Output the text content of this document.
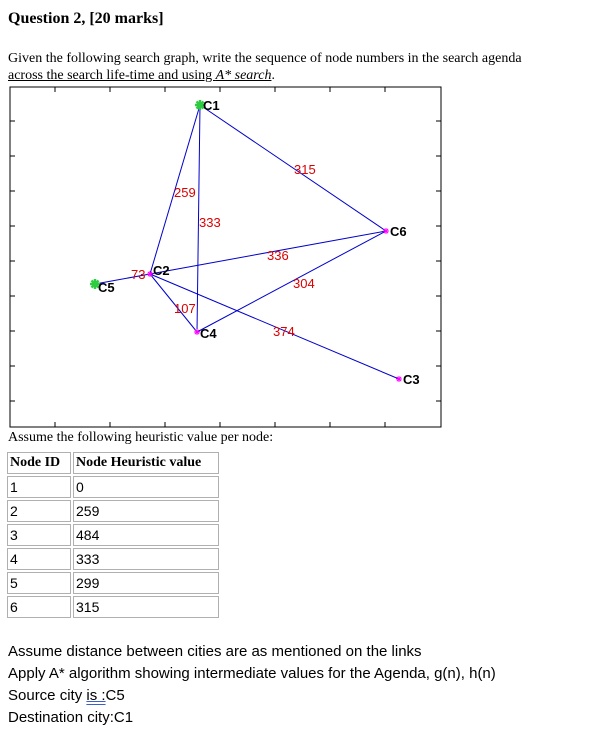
Question 2, [20 marks]
Given the following search graph, write the sequence of node numbers in the search agenda
across the search life-time and using A* search.
73
259
333
315
336
304
107
374
C1
C2
C3
C4
C5
C6
Assume the following heuristic value per node:
Node ID	Node Heuristic value
1	0
2	259
3	484
4	333
5	299
6	315
Assume distance between cities are as mentioned on the links
Apply A* algorithm showing intermediate values for the Agenda, g(n), h(n)
Source city is :C5
Destination city:C1
